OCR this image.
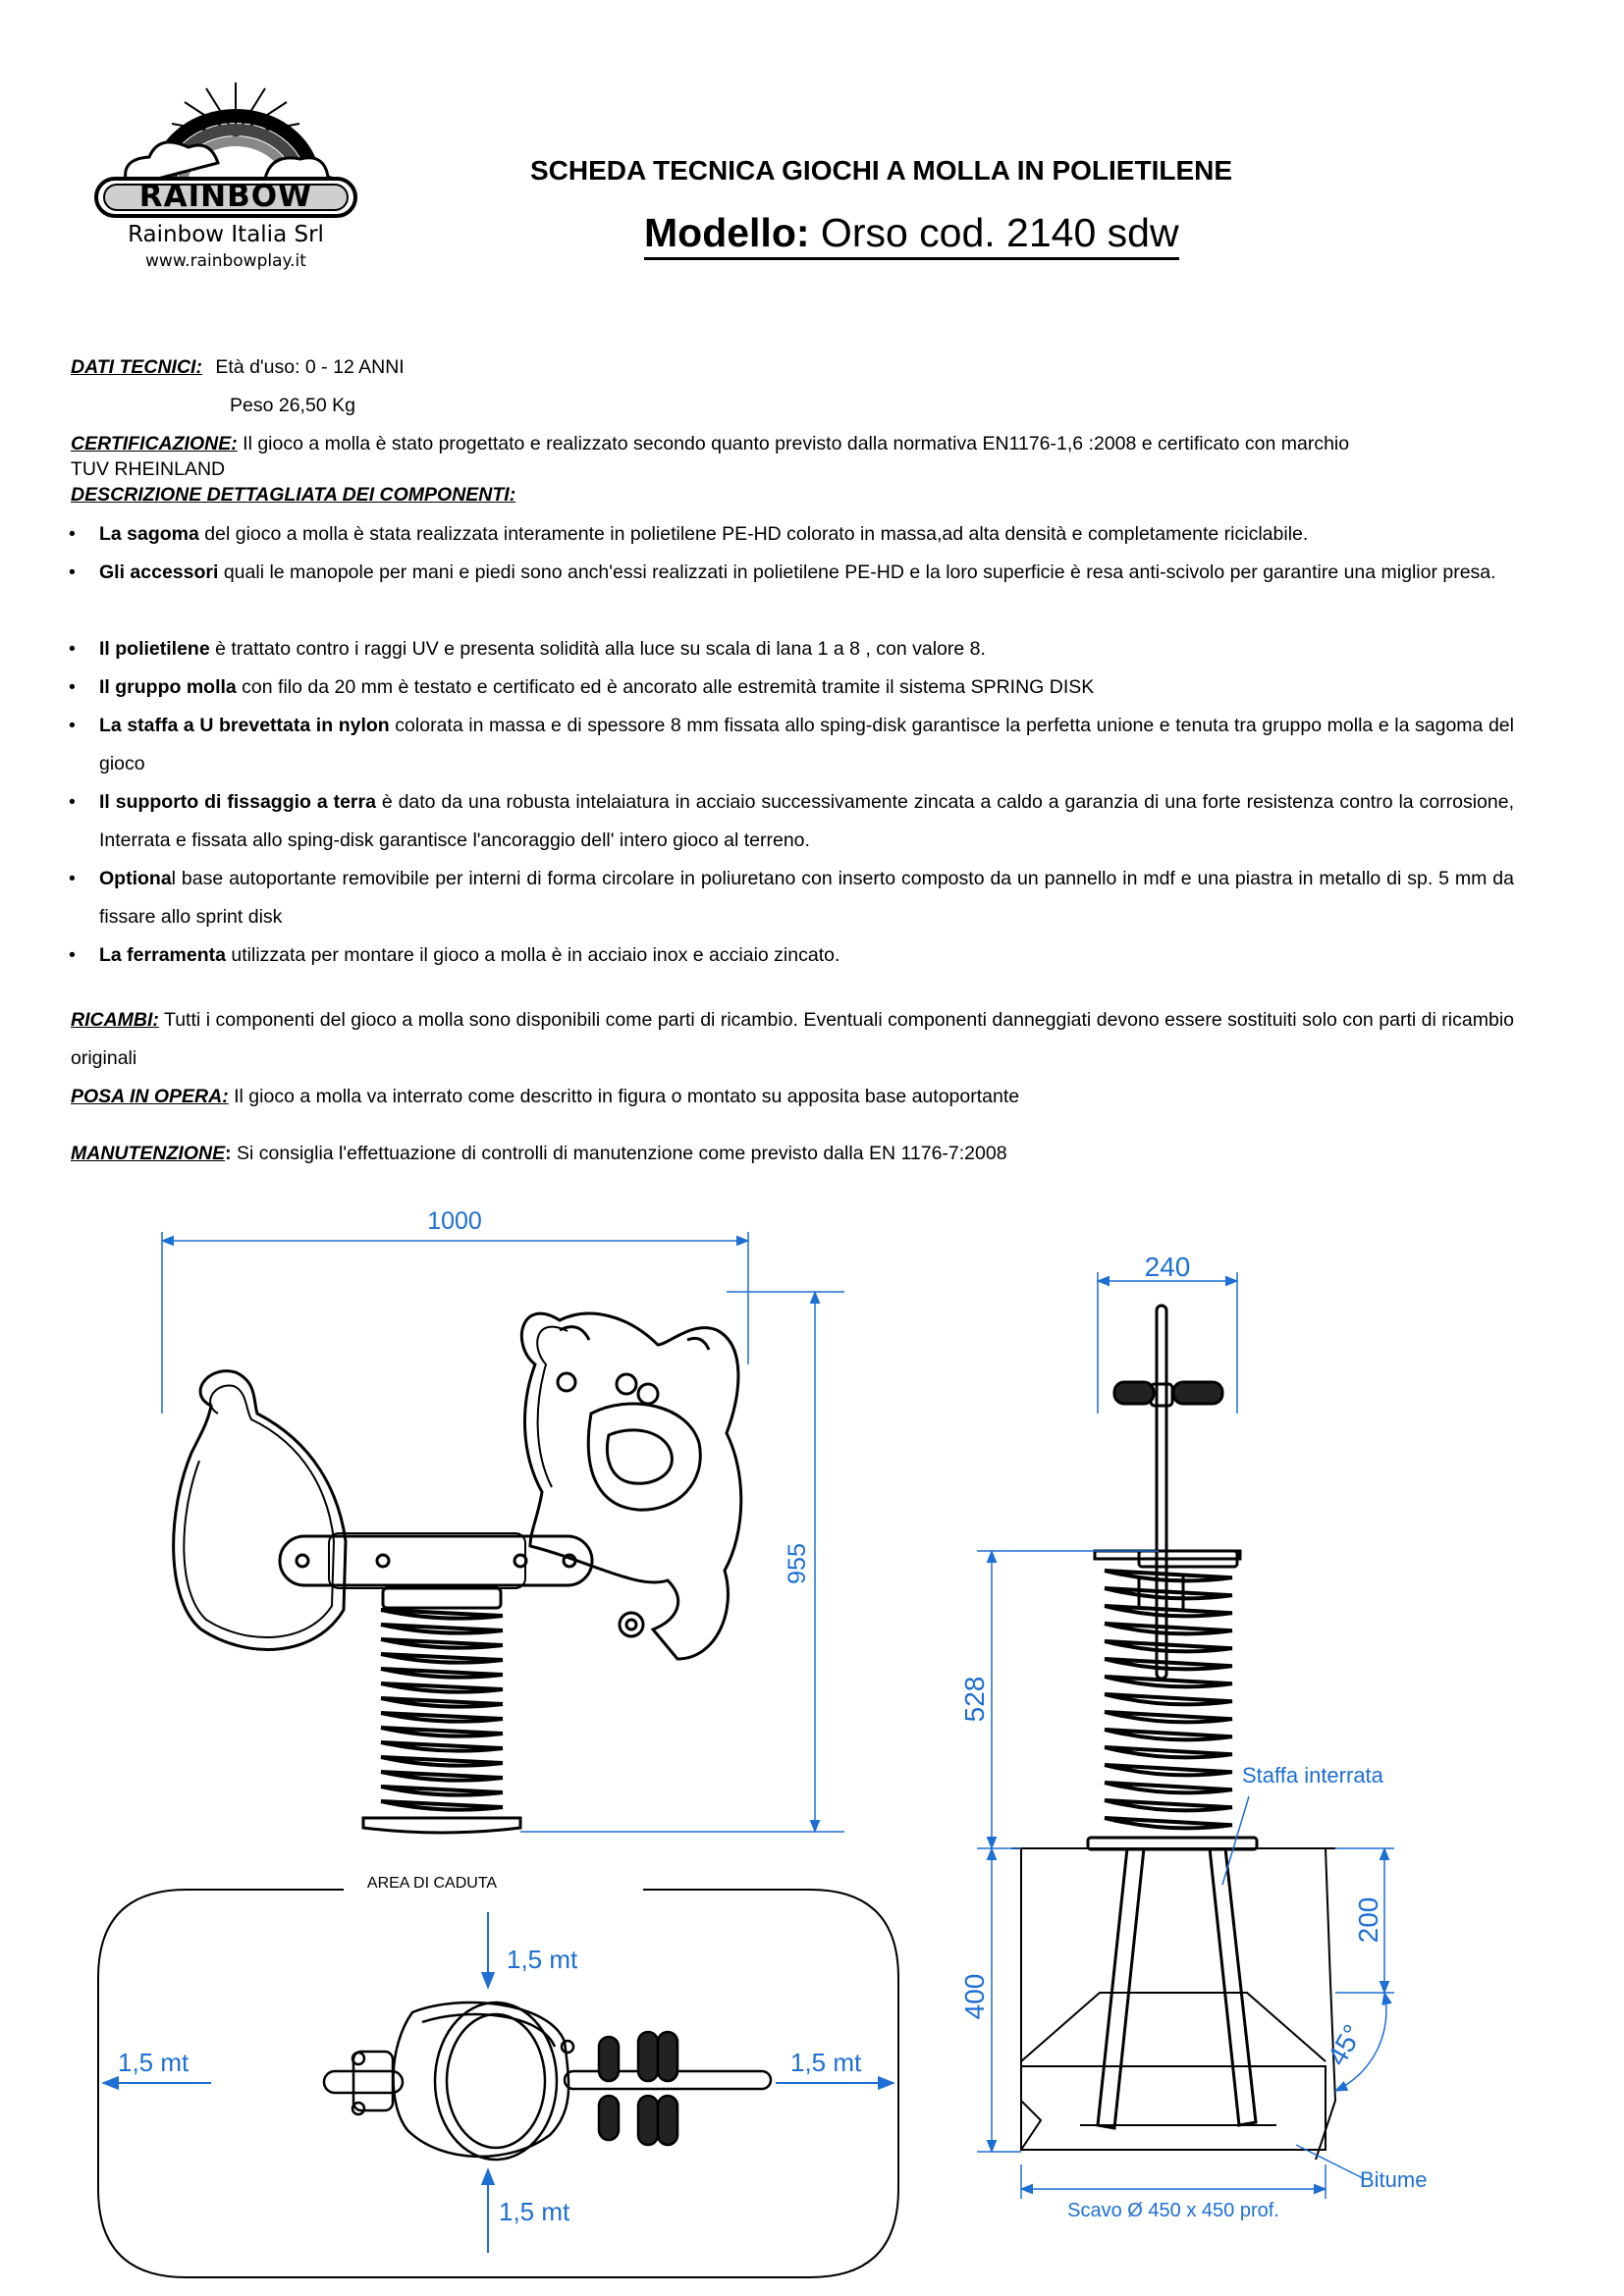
RAINBOW
Rainbow Italia Srl
www.rainbowplay.it
SCHEDA TECNICA GIOCHI A MOLLA IN POLIETILENE
Modello: Orso cod. 2140 sdw
DATI TECNICI: Età d'uso: 0 - 12 ANNI
Peso 26,50 Kg
CERTIFICAZIONE: Il gioco a molla è stato progettato e realizzato secondo quanto previsto dalla normativa EN1176-1,6 :2008 e certificato con marchio
TUV RHEINLAND
DESCRIZIONE DETTAGLIATA DEI COMPONENTI:
• La sagoma del gioco a molla è stata realizzata interamente in polietilene PE-HD colorato in massa,ad alta densità e completamente riciclabile.
• Gli accessori quali le manopole per mani e piedi sono anch'essi realizzati in polietilene PE-HD e la loro superficie è resa anti-scivolo per garantire una miglior presa.
• Il polietilene è trattato contro i raggi UV e presenta solidità alla luce su scala di lana 1 a 8 , con valore 8.
• Il gruppo molla con filo da 20 mm è testato e certificato ed è ancorato alle estremità tramite il sistema SPRING DISK
• La staffa a U brevettata in nylon colorata in massa e di spessore 8 mm fissata allo sping-disk garantisce la perfetta unione e tenuta tra gruppo molla e la sagoma del gioco
• Il supporto di fissaggio a terra è dato da una robusta intelaiatura in acciaio successivamente zincata a caldo a garanzia di una forte resistenza contro la corrosione, Interrata e fissata allo sping-disk garantisce l'ancoraggio dell' intero gioco al terreno.
• Optional base autoportante removibile per interni di forma circolare in poliuretano con inserto composto da un pannello in mdf e una piastra in metallo di sp. 5 mm da fissare allo sprint disk
• La ferramenta utilizzata per montare il gioco a molla è in acciaio inox e acciaio zincato.
RICAMBI: Tutti i componenti del gioco a molla sono disponibili come parti di ricambio. Eventuali componenti danneggiati devono essere sostituiti solo con parti di ricambio originali
POSA IN OPERA: Il gioco a molla va interrato come descritto in figura o montato su apposita base autoportante
MANUTENZIONE: Si consiglia l'effettuazione di controlli di manutenzione come previsto dalla EN 1176-7:2008
1000
955
240
528
400
200
45°
Staffa interrata
Bitume
Scavo Ø 450 x 450 prof.
AREA DI CADUTA
1,5 mt
1,5 mt	1,5 mt
1,5 mt
